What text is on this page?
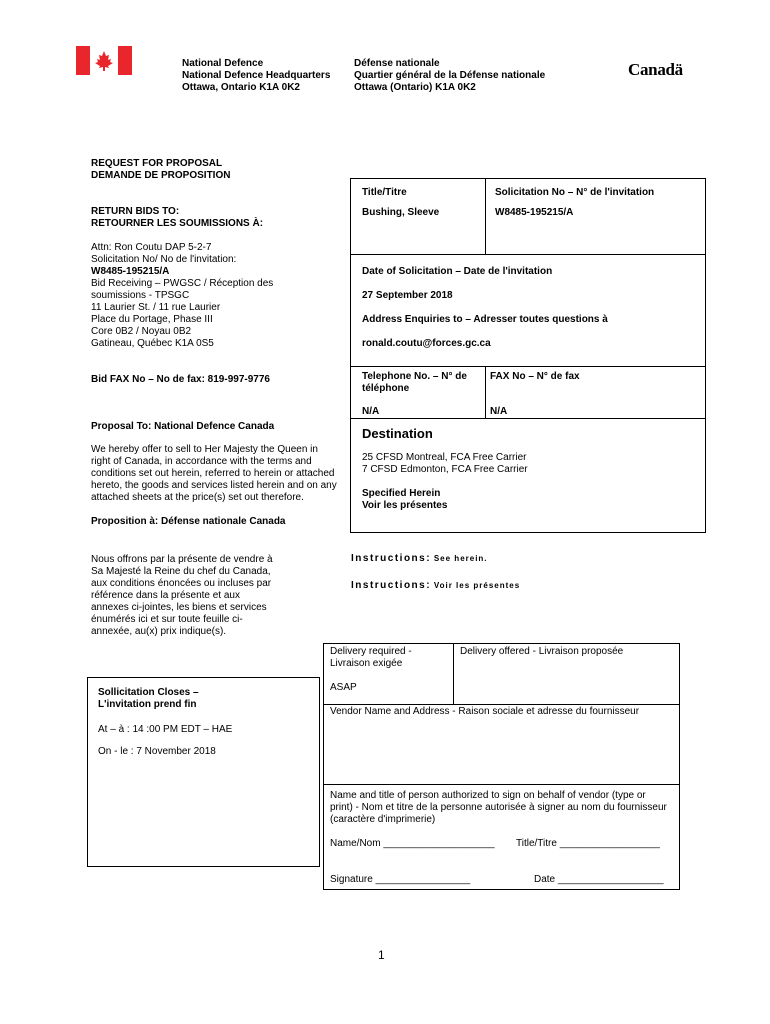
National Defence
National Defence Headquarters
Ottawa, Ontario K1A 0K2
Défense nationale
Quartier général de la Défense nationale
Ottawa (Ontario) K1A 0K2
Canadä
REQUEST FOR PROPOSAL
DEMANDE DE PROPOSITION
RETURN BIDS TO:
RETOURNER LES SOUMISSIONS À:
Attn: Ron Coutu DAP 5-2-7
Solicitation No/ No de l'invitation:
W8485-195215/A
Bid Receiving – PWGSC / Réception des
soumissions - TPSGC
11 Laurier St. / 11 rue Laurier
Place du Portage, Phase III
Core 0B2 / Noyau 0B2
Gatineau, Québec K1A 0S5
Bid FAX No – No de fax: 819-997-9776
Proposal To: National Defence Canada
We hereby offer to sell to Her Majesty the Queen in
right of Canada, in accordance with the terms and
conditions set out herein, referred to herein or attached
hereto, the goods and services listed herein and on any
attached sheets at the price(s) set out therefore.
Proposition à: Défense nationale Canada
Nous offrons par la présente de vendre à
Sa Majesté la Reine du chef du Canada,
aux conditions énoncées ou incluses par
référence dans la présente et aux
annexes ci-jointes, les biens et services
énumérés ici et sur toute feuille ci-
annexée, au(x) prix indique(s).
Title/Titre
Bushing, Sleeve
Solicitation No – N° de l'invitation
W8485-195215/A
Date of Solicitation – Date de l'invitation
27 September 2018
Address Enquiries to – Adresser toutes questions à
ronald.coutu@forces.gc.ca
Telephone No. – N° de
téléphone
FAX No – N° de fax
N/A	N/A
Destination
25 CFSD Montreal, FCA Free Carrier
7 CFSD Edmonton, FCA Free Carrier
Specified Herein
Voir les présentes
Instructions: See herein.
Instructions: Voir les présentes
Sollicitation Closes –
L'invitation prend fin
At – à : 14 :00 PM EDT – HAE
On - le : 7 November 2018
Delivery required -
Livraison exigée
Delivery offered - Livraison proposée
ASAP
Vendor Name and Address - Raison sociale et adresse du fournisseur
Name and title of person authorized to sign on behalf of vendor (type or
print) - Nom et titre de la personne autorisée à signer au nom du fournisseur
(caractère d'imprimerie)
Name/Nom ____________________ Title/Titre __________________
Signature _________________	Date ___________________
1
